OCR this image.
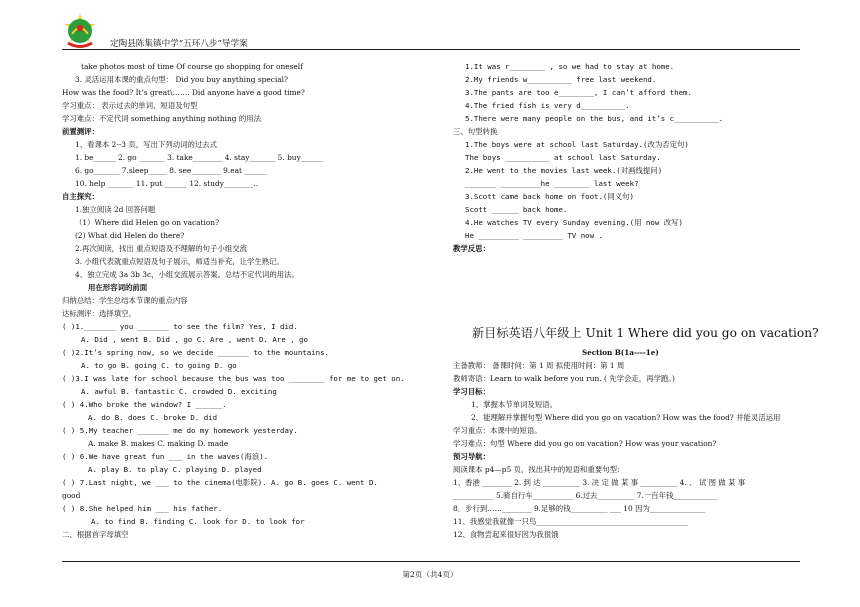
定陶县陈集镇中学“五环八步”导学案
take photos most of time Of course go shopping for oneself
3. 灵活运用本课的重点句型： Did you buy anything special?
How was the food? It’s great\……. Did anyone have a good time?
学习重点： 表示过去的单词、短语及句型
学习难点：不定代词 something anything nothing 的用法
前置测评：
1、看课本 2--3 页，写出下列动词的过去式
1. be______ 2. go _______ 3. take________ 4. stay_______ 5. buy______
6. go_______ 7.sleep_____ 8. see________ 9.eat ______
10. help _______ 11. put ______ 12. study________..
自主探究：
1.独立阅读 2d 回答问题
（1）Where did Helen go on vacation?
(2) What did Helen do there?
2.再次阅读，找出 重点短语及不理解的句子小组交流
3. 小组代表就重点短语及句子展示，师适当补充，让学生熟记。
4、独立完成 3a 3b 3c，小组交流展示答案。总结不定代词的用法。
用在形容词的前面
归纳总结：学生总结本节课的重点内容
达标测评：选择填空。
( )1._______ you _______ to see the film? Yes, I did.
A. Did , went B. Did , go C. Are , went D. Are , go
( )2.It’s spring now, so we decide _______ to the mountains.
A. to go B. going C. to going D. go
( )3.I was late for school because the bus was too ________ for me to get on.
A. awful B. fantastic C. crowded D. exciting
( ) 4.Who broke the window? I ______.
A. do B. does C. broke D. did
( ) 5.My teacher _______ me do my homework yesterday.
A. make B. makes C. making D. made
( ) 6.We have great fun ___ in the waves(海浪).
A. play B. to play C. playing D. played
( ) 7.Last night, we ___ to the cinema(电影院). A. go B. goes C. went D.
good
( ) 8.She helped him ___ his father.
A. to find B. finding C. look for D. to look for
二、根据首字母填空
1.It was r________ , so we had to stay at home.
2.My friends w__________ free last weekend.
3.The pants are too e________, I can’t afford them.
4.The fried fish is very d__________.
5.There were many people on the bus, and it’s c__________.
三、句型转换
1.The boys were at school last Saturday.(改为否定句)
The boys __________ at school last Saturday.
2.He went to the movies last week.(对画线提问)
_______ _________he ________ last week?
3.Scott came back home on foot.(同义句)
Scott ______ back home.
4.He watches TV every Sunday evening.(用 now 改写)
He _________ _________ TV now .
教学反思：
新目标英语八年级上 Unit 1 Where did you go on vacation?
Section B(1a----1e)
主备教师： 备课时间：第 1 周 拟使用时间：第 1 周
教师寄语：Learn to walk before you run. ( 先学会走，再学跑。)
学习目标：
1、掌握本节单词及短语。
2、能理解并掌握句型 Where did you go on vacation? How was the food? 并能灵活运用
学习重点：本课中的短语。
学习难点：句型 Where did you go on vacation? How was your vacation?
预习导航：
阅读课本 p4—p5 页，找出其中的短语和重要句型：
1、香港 ________ 2. 到 达 __________ 3. 决 定 做 某 事 __________ 4. 、 试 图 做 某 事
___________ 5.骑自行车___________ 6.过去__________ 7.一百年钱____________
8．步行到……________ 9.足够的钱__________ ___ 10 因为_______________
11、我感觉我就像一只鸟_________________________________________
12、食物尝起来很好因为我很饿
第2页（共4页）
